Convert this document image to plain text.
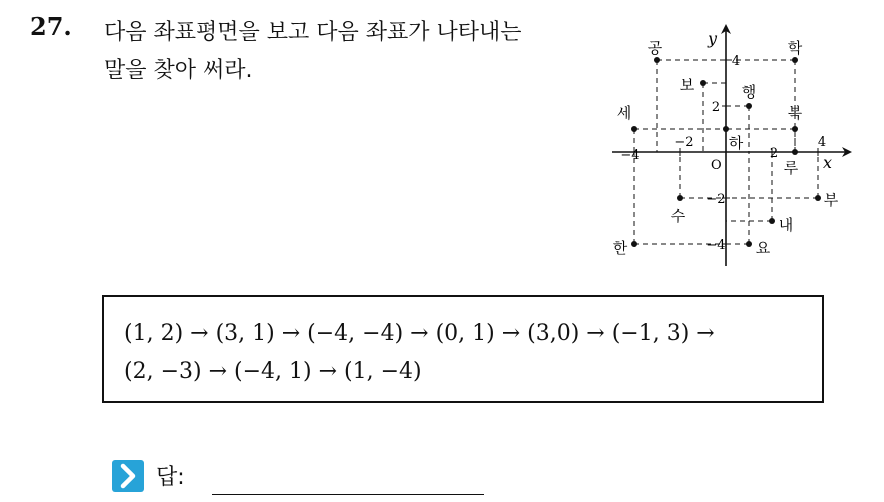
27. 다음 좌표평면을 보고 다음 좌표가 나타내는
말을 찾아 써라.
−4
−2
2
4
4
2
−2
−4
공	학
보	행
세
하
복
루
부
수	내
한	요
x
y
O
(1, 2) → (3, 1) → (−4, −4) → (0, 1) → (3,0) → (−1, 3) →
(2, −3) → (−4, 1) → (1, −4)
답:
